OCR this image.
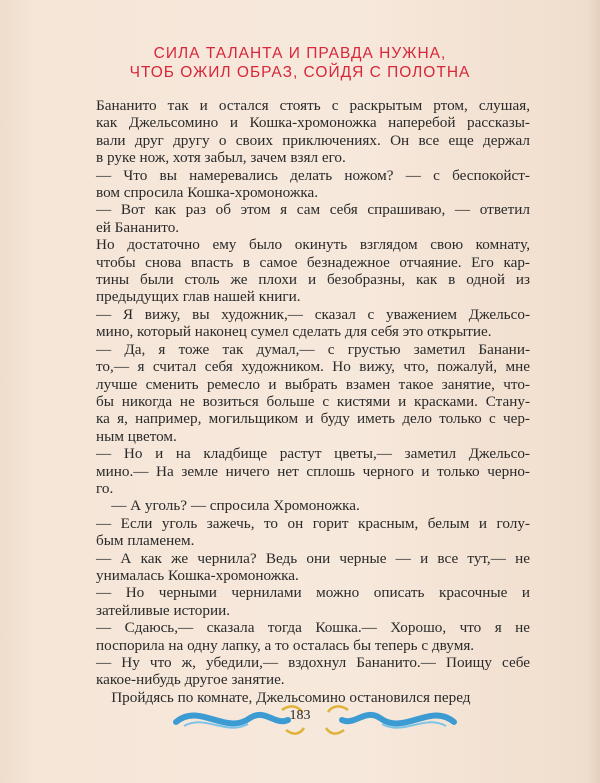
СИЛА ТАЛАНТА И ПРАВДА НУЖНА,
ЧТОБ ОЖИЛ ОБРАЗ, СОЙДЯ С ПОЛОТНА

Бананито так и остался стоять с раскрытым ртом, слушая,

как Джельсомино и Кошка-хромоножка наперебой рассказы-

вали друг другу о своих приключениях. Он все еще держал

в руке нож, хотя забыл, зачем взял его.

— Что вы намеревались делать ножом? — с беспокойст-

вом спросила Кошка-хромоножка.

— Вот как раз об этом я сам себя спрашиваю, — ответил

ей Бананито.

Но достаточно ему было окинуть взглядом свою комнату,

чтобы снова впасть в самое безнадежное отчаяние. Его кар-

тины были столь же плохи и безобразны, как в одной из

предыдущих глав нашей книги.

— Я вижу, вы художник,— сказал с уважением Джельсо-

мино, который наконец сумел сделать для себя это открытие.

— Да, я тоже так думал,— с грустью заметил Банани-

то,— я считал себя художником. Но вижу, что, пожалуй, мне

лучше сменить ремесло и выбрать взамен такое занятие, что-

бы никогда не возиться больше с кистями и красками. Стану-

ка я, например, могильщиком и буду иметь дело только с чер-

ным цветом.

— Но и на кладбище растут цветы,— заметил Джельсо-

мино.— На земле ничего нет сплошь черного и только черно-

го.

— А уголь? — спросила Хромоножка.

— Если уголь зажечь, то он горит красным, белым и голу-

бым пламенем.

— А как же чернила? Ведь они черные — и все тут,— не

унималась Кошка-хромоножка.

— Но черными чернилами можно описать красочные и

затейливые истории.

— Сдаюсь,— сказала тогда Кошка.— Хорошо, что я не

поспорила на одну лапку, а то осталась бы теперь с двумя.

— Ну что ж, убедили,— вздохнул Бананито.— Поищу себе

какое-нибудь другое занятие.

Пройдясь по комнате, Джельсомино остановился перед

183
